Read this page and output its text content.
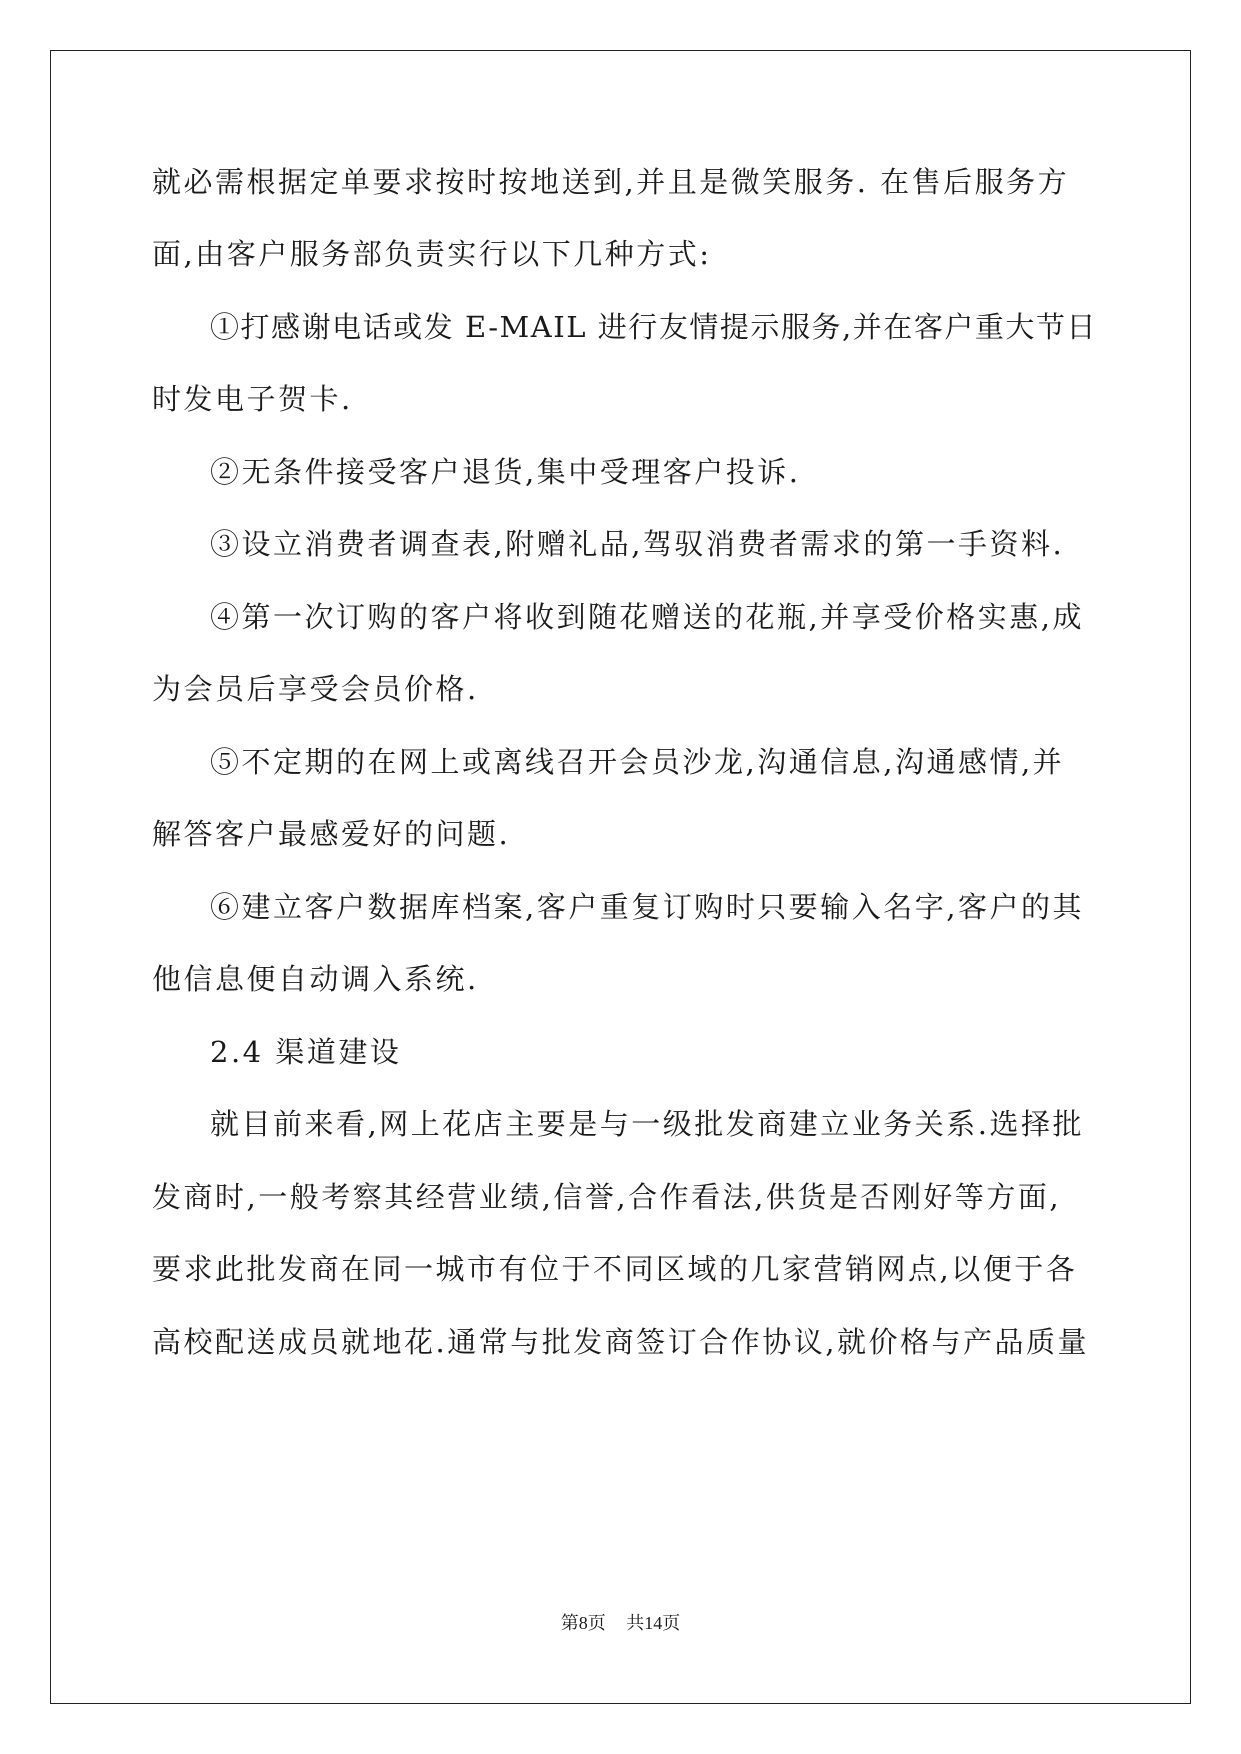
就必需根据定单要求按时按地送到,并且是微笑服务. 在售后服务方
面,由客户服务部负责实行以下几种方式:
①打感谢电话或发 E-MAIL 进行友情提示服务,并在客户重大节日
时发电子贺卡.
②无条件接受客户退货,集中受理客户投诉.
③设立消费者调查表,附赠礼品,驾驭消费者需求的第一手资料.
④第一次订购的客户将收到随花赠送的花瓶,并享受价格实惠,成
为会员后享受会员价格.
⑤不定期的在网上或离线召开会员沙龙,沟通信息,沟通感情,并
解答客户最感爱好的问题.
⑥建立客户数据库档案,客户重复订购时只要输入名字,客户的其
他信息便自动调入系统.
2.4 渠道建设
就目前来看,网上花店主要是与一级批发商建立业务关系.选择批
发商时,一般考察其经营业绩,信誉,合作看法,供货是否刚好等方面,
要求此批发商在同一城市有位于不同区域的几家营销网点,以便于各
高校配送成员就地花.通常与批发商签订合作协议,就价格与产品质量
第8页 共14页
